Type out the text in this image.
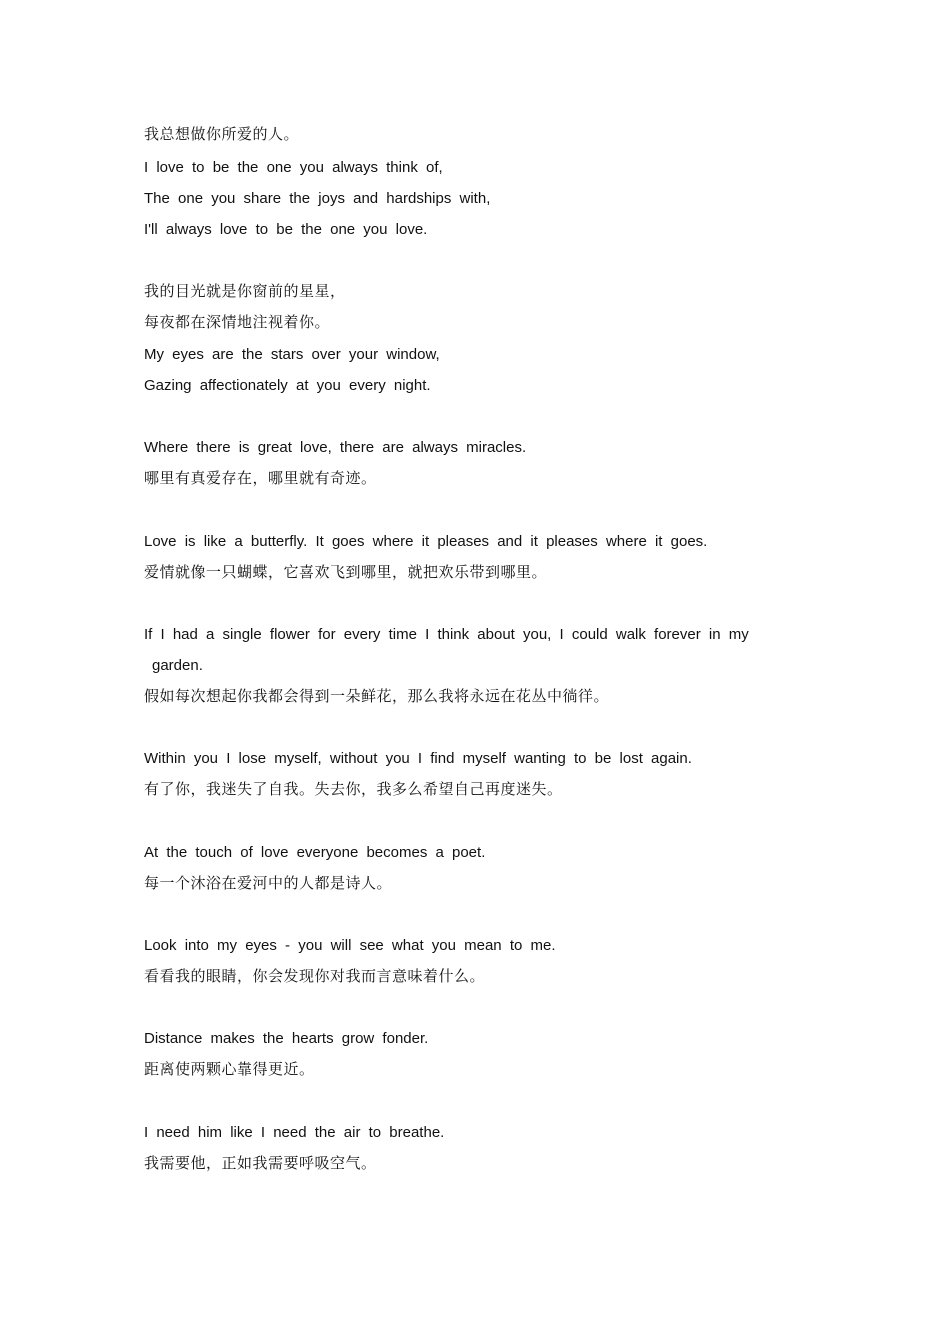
我总想做你所爱的人。
I love to be the one you always think of,
The one you share the joys and hardships with,
I'll always love to be the one you love.
我的目光就是你窗前的星星，
每夜都在深情地注视着你。
My eyes are the stars over your window,
Gazing affectionately at you every night.
Where there is great love, there are always miracles.
哪里有真爱存在，哪里就有奇迹。
Love is like a butterfly. It goes where it pleases and it pleases where it goes.
爱情就像一只蝴蝶，它喜欢飞到哪里，就把欢乐带到哪里。
If I had a single flower for every time I think about you, I could walk forever in my
garden.
假如每次想起你我都会得到一朵鲜花，那么我将永远在花丛中徜徉。
Within you I lose myself, without you I find myself wanting to be lost again.
有了你，我迷失了自我。失去你，我多么希望自己再度迷失。
At the touch of love everyone becomes a poet.
每一个沐浴在爱河中的人都是诗人。
Look into my eyes - you will see what you mean to me.
看看我的眼睛，你会发现你对我而言意味着什么。
Distance makes the hearts grow fonder.
距离使两颗心靠得更近。
I need him like I need the air to breathe.
我需要他，正如我需要呼吸空气。
